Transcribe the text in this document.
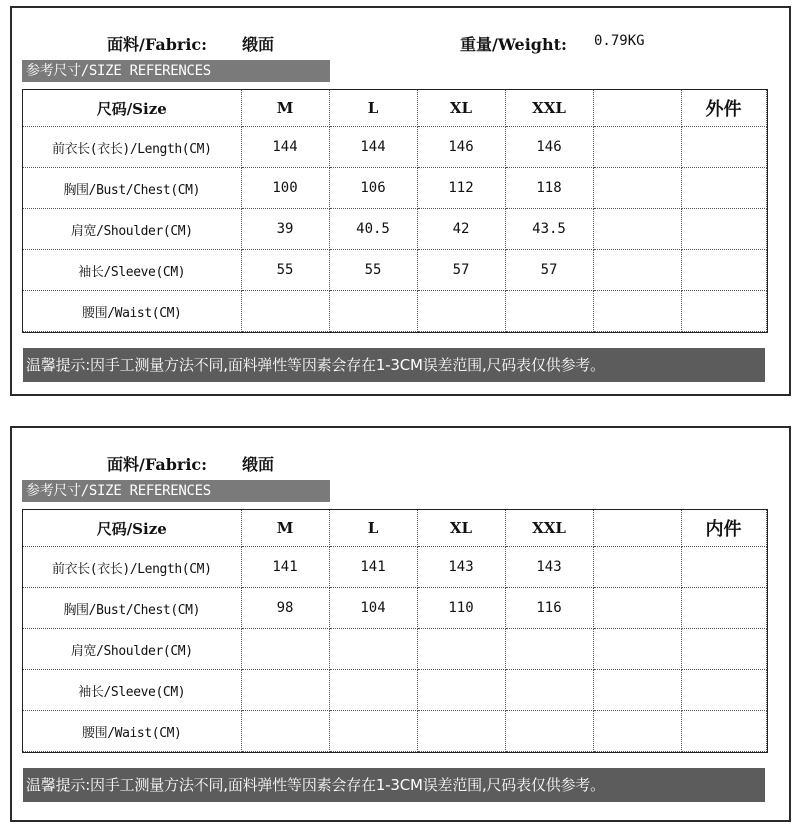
面料/Fabric: 缎面	重量/Weight: 0.79KG
参考尺寸/SIZE REFERENCES
尺码/Size	M	L	XL	XXL		外件
前衣长(衣长)/Length(CM)	144	144	146	146		
胸围/Bust/Chest(CM)	100	106	112	118		
肩宽/Shoulder(CM)	39	40.5	42	43.5		
袖长/Sleeve(CM)	55	55	57	57		
腰围/Waist(CM)						
温馨提示:因手工测量方法不同,面料弹性等因素会存在1-3CM误差范围,尺码表仅供参考。
面料/Fabric: 缎面
参考尺寸/SIZE REFERENCES
尺码/Size	M	L	XL	XXL		内件
前衣长(衣长)/Length(CM)	141	141	143	143		
胸围/Bust/Chest(CM)	98	104	110	116		
肩宽/Shoulder(CM)						
袖长/Sleeve(CM)						
腰围/Waist(CM)						
温馨提示:因手工测量方法不同,面料弹性等因素会存在1-3CM误差范围,尺码表仅供参考。
